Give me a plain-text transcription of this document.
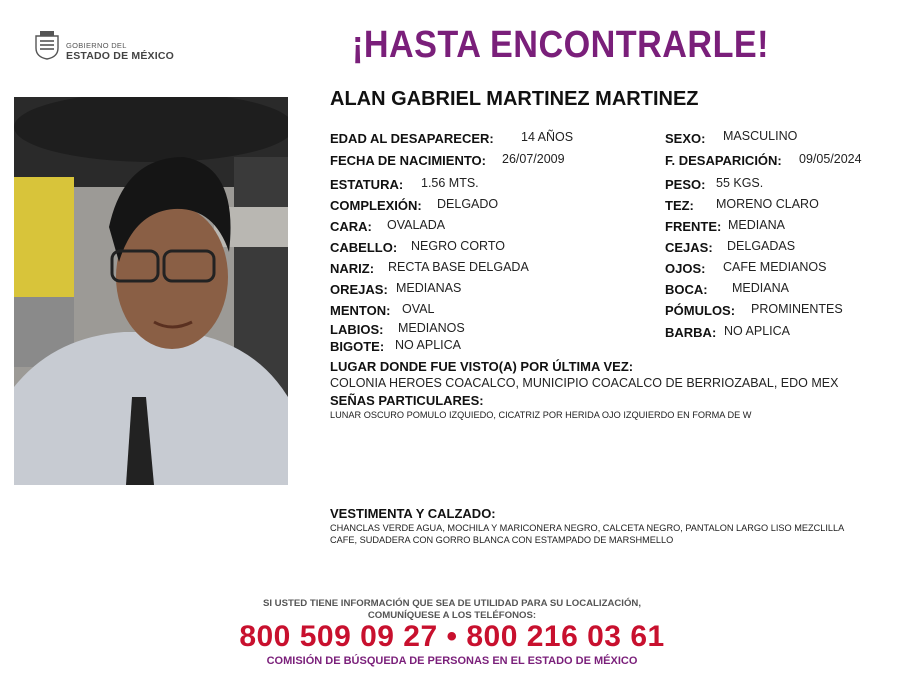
GOBIERNO DEL
ESTADO DE MÉXICO	¡HASTA ENCONTRARLE!
ALAN GABRIEL MARTINEZ MARTINEZ
EDAD AL DESAPARECER: 14 AÑOS
FECHA DE NACIMIENTO: 26/07/2009
ESTATURA: 1.56 MTS.
COMPLEXIÓN: DELGADO
CARA: OVALADA
CABELLO: NEGRO CORTO
NARIZ: RECTA BASE DELGADA
OREJAS: MEDIANAS
MENTON: OVAL
LABIOS: MEDIANOS
BIGOTE: NO APLICA
SEXO: MASCULINO
F. DESAPARICIÓN: 09/05/2024
PESO: 55 KGS.
TEZ: MORENO CLARO
FRENTE: MEDIANA
CEJAS: DELGADAS
OJOS: CAFE MEDIANOS
BOCA: MEDIANA
PÓMULOS: PROMINENTES
BARBA: NO APLICA
LUGAR DONDE FUE VISTO(A) POR ÚLTIMA VEZ:
COLONIA HEROES COACALCO, MUNICIPIO COACALCO DE BERRIOZABAL, EDO MEX
SEÑAS PARTICULARES:
LUNAR OSCURO POMULO IZQUIEDO, CICATRIZ POR HERIDA OJO IZQUIERDO EN FORMA DE W
VESTIMENTA Y CALZADO:
CHANCLAS VERDE AGUA, MOCHILA Y MARICONERA NEGRO, CALCETA NEGRO, PANTALON LARGO LISO MEZCLILLA
CAFE, SUDADERA CON GORRO BLANCA CON ESTAMPADO DE MARSHMELLO
SI USTED TIENE INFORMACIÓN QUE SEA DE UTILIDAD PARA SU LOCALIZACIÓN,
COMUNÍQUESE A LOS TELÉFONOS:
800 509 09 27 • 800 216 03 61
COMISIÓN DE BÚSQUEDA DE PERSONAS EN EL ESTADO DE MÉXICO
